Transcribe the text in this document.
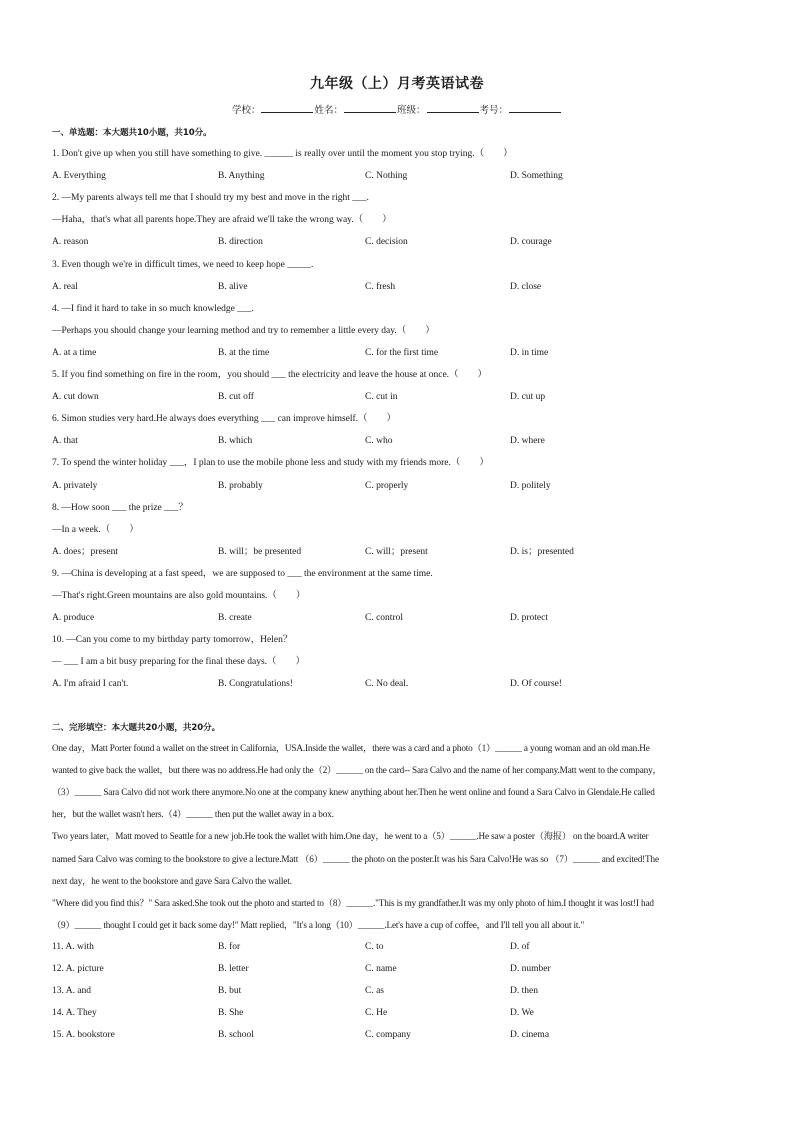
九年级（上）月考英语试卷
学校：	姓名：	班级：	考号：
一、单选题：本大题共10小题，共10分。
1. Don't give up when you still have something to give. ______ is really over until the moment you stop trying.（　　）
A. Everything	B. Anything	C. Nothing	D. Something
2. —My parents always tell me that I should try my best and move in the right ___.
—Haha，that's what all parents hope.They are afraid we'll take the wrong way.（　　）
A. reason	B. direction	C. decision	D. courage
3. Even though we're in difficult times, we need to keep hope _____.
A. real	B. alive	C. fresh	D. close
4. —I find it hard to take in so much knowledge ___.
—Perhaps you should change your learning method and try to remember a little every day.（　　）
A. at a time	B. at the time	C. for the first time	D. in time
5. If you find something on fire in the room，you should ___ the electricity and leave the house at once.（　　）
A. cut down	B. cut off	C. cut in	D. cut up
6. Simon studies very hard.He always does everything ___ can improve himself.（　　）
A. that	B. which	C. who	D. where
7. To spend the winter holiday ___，I plan to use the mobile phone less and study with my friends more.（　　）
A. privately	B. probably	C. properly	D. politely
8. —How soon ___ the prize ___？
—In a week.（　　）
A. does；present	B. will；be presented	C. will；present	D. is；presented
9. —China is developing at a fast speed，we are supposed to ___ the environment at the same time.
—That's right.Green mountains are also gold mountains.（　　）
A. produce	B. create	C. control	D. protect
10. —Can you come to my birthday party tomorrow，Helen？
— ___ I am a bit busy preparing for the final these days.（　　）
A. I'm afraid I can't.	B. Congratulations!	C. No deal.	D. Of course!
二、完形填空：本大题共20小题，共20分。
One day，Matt Porter found a wallet on the street in California，USA.Inside the wallet，there was a card and a photo（1）______ a young woman and an old man.He
wanted to give back the wallet，but there was no address.He had only the（2）______ on the card-- Sara Calvo and the name of her company.Matt went to the company，
（3）______ Sara Calvo did not work there anymore.No one at the company knew anything about her.Then he went online and found a Sara Calvo in Glendale.He called
her，but the wallet wasn't hers.（4）______ then put the wallet away in a box.
Two years later，Matt moved to Seattle for a new job.He took the wallet with him.One day，he went to a（5）______.He saw a poster（海报） on the board.A writer
named Sara Calvo was coming to the bookstore to give a lecture.Matt （6）______ the photo on the poster.It was his Sara Calvo!He was so （7）______ and excited!The
next day，he went to the bookstore and gave Sara Calvo the wallet.
"Where did you find this？" Sara asked.She took out the photo and started to（8）______."This is my grandfather.It was my only photo of him.I thought it was lost!I had
（9）______ thought I could get it back some day!" Matt replied，"It's a long（10）______.Let's have a cup of coffee，and I'll tell you all about it."
11. A. with	B. for	C. to	D. of
12. A. picture	B. letter	C. name	D. number
13. A. and	B. but	C. as	D. then
14. A. They	B. She	C. He	D. We
15. A. bookstore	B. school	C. company	D. cinema
